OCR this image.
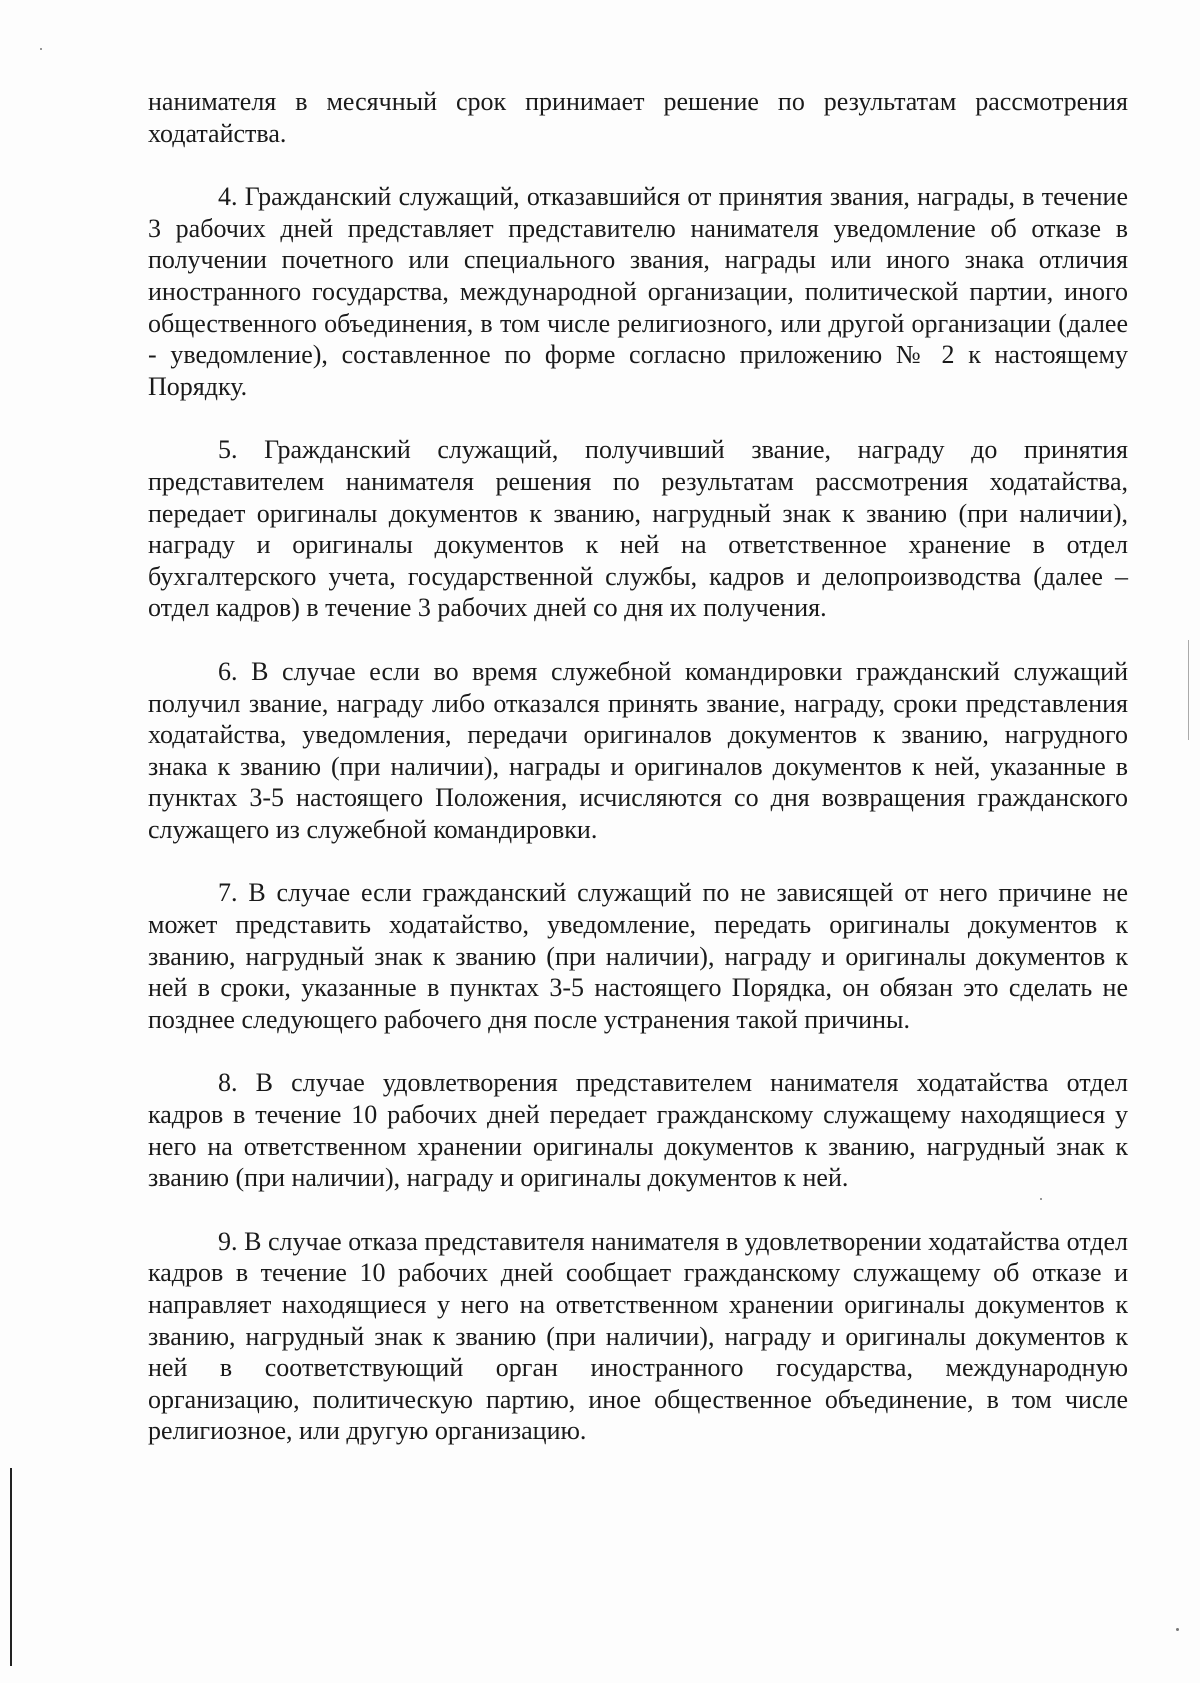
нанимателя в месячный срок принимает решение по результатам рассмотрения ходатайства.

4. Гражданский служащий, отказавшийся от принятия звания, награды, в течение 3 рабочих дней представляет представителю нанимателя уведомление об отказе в получении почетного или специального звания, награды или иного знака отличия иностранного государства, международной организации, политической партии, иного общественного объединения, в том числе религиозного, или другой организации (далее - уведомление), составленное по форме согласно приложению № 2 к настоящему Порядку.

5. Гражданский служащий, получивший звание, награду до принятия представителем нанимателя решения по результатам рассмотрения ходатайства, передает оригиналы документов к званию, нагрудный знак к званию (при наличии), награду и оригиналы документов к ней на ответственное хранение в отдел бухгалтерского учета, государственной службы, кадров и делопроизводства (далее – отдел кадров) в течение 3 рабочих дней со дня их получения.

6. В случае если во время служебной командировки гражданский служащий получил звание, награду либо отказался принять звание, награду, сроки представления ходатайства, уведомления, передачи оригиналов документов к званию, нагрудного знака к званию (при наличии), награды и оригиналов документов к ней, указанные в пунктах 3-5 настоящего Положения, исчисляются со дня возвращения гражданского служащего из служебной командировки.

7. В случае если гражданский служащий по не зависящей от него причине не может представить ходатайство, уведомление, передать оригиналы документов к званию, нагрудный знак к званию (при наличии), награду и оригиналы документов к ней в сроки, указанные в пунктах 3-5 настоящего Порядка, он обязан это сделать не позднее следующего рабочего дня после устранения такой причины.

8. В случае удовлетворения представителем нанимателя ходатайства отдел кадров в течение 10 рабочих дней передает гражданскому служащему находящиеся у него на ответственном хранении оригиналы документов к званию, нагрудный знак к званию (при наличии), награду и оригиналы документов к ней.

9. В случае отказа представителя нанимателя в удовлетворении ходатайства отдел кадров в течение 10 рабочих дней сообщает гражданскому служащему об отказе и направляет находящиеся у него на ответственном хранении оригиналы документов к званию, нагрудный знак к званию (при наличии), награду и оригиналы документов к ней в соответствующий орган иностранного государства, международную организацию, политическую партию, иное общественное объединение, в том числе религиозное, или другую организацию.
